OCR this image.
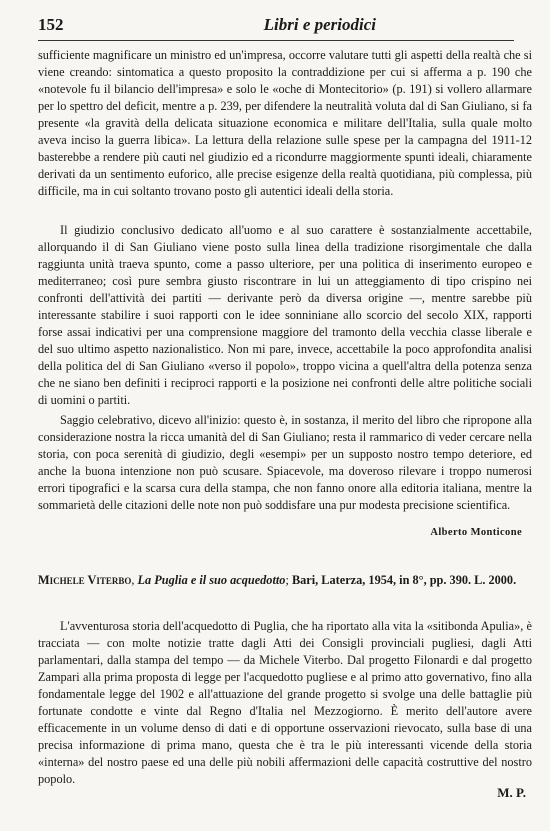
152	Libri e periodici

sufficiente magnificare un ministro ed un'impresa, occorre valutare tutti gli aspetti della realtà che si viene creando: sintomatica a questo proposito la contraddizione per cui si afferma a p. 190 che «notevole fu il bilancio dell'impresa» e solo le «oche di Montecitorio» (p. 191) si vollero allarmare per lo spettro del deficit, mentre a p. 239, per difendere la neutralità voluta dal di San Giuliano, si fa presente «la gravità della delicata situazione economica e militare dell'Italia, sulla quale molto aveva inciso la guerra libica». La lettura della relazione sulle spese per la campagna del 1911-12 basterebbe a rendere più cauti nel giudizio ed a ricondurre maggiormente spunti ideali, chiaramente derivati da un sentimento euforico, alle precise esigenze della realtà quotidiana, più complessa, più difficile, ma in cui soltanto trovano posto gli autentici ideali della storia.

Il giudizio conclusivo dedicato all'uomo e al suo carattere è sostanzialmente accettabile, allorquando il di San Giuliano viene posto sulla linea della tradizione risorgimentale che dalla raggiunta unità traeva spunto, come a passo ulteriore, per una politica di inserimento europeo e mediterraneo; così pure sembra giusto riscontrare in lui un atteggiamento di tipo crispino nei confronti dell'attività dei partiti — derivante però da diversa origine —, mentre sarebbe più interessante stabilire i suoi rapporti con le idee sonniniane allo scorcio del secolo XIX, rapporti forse assai indicativi per una comprensione maggiore del tramonto della vecchia classe liberale e del suo ultimo aspetto nazionalistico. Non mi pare, invece, accettabile la poco approfondita analisi della politica del di San Giuliano «verso il popolo», troppo vicina a quell'altra della potenza senza che ne siano ben definiti i reciproci rapporti e la posizione nei confronti delle altre politiche sociali di uomini o partiti.

Saggio celebrativo, dicevo all'inizio: questo è, in sostanza, il merito del libro che ripropone alla considerazione nostra la ricca umanità del di San Giuliano; resta il rammarico di veder cercare nella storia, con poca serenità di giudizio, degli «esempi» per un supposto nostro tempo deteriore, ed anche la buona intenzione non può scusare. Spiacevole, ma doveroso rilevare i troppo numerosi errori tipografici e la scarsa cura della stampa, che non fanno onore alla editoria italiana, mentre la sommarietà delle citazioni delle note non può soddisfare una pur modesta precisione scientifica.

Alberto Monticone

Michele Viterbo, La Puglia e il suo acquedotto; Bari, Laterza, 1954, in 8°, pp. 390. L. 2000.

L'avventurosa storia dell'acquedotto di Puglia, che ha riportato alla vita la «sitibonda Apulia», è tracciata — con molte notizie tratte dagli Atti dei Consigli provinciali pugliesi, dagli Atti parlamentari, dalla stampa del tempo — da Michele Viterbo. Dal progetto Filonardi e dal progetto Zampari alla prima proposta di legge per l'acquedotto pugliese e al primo atto governativo, fino alla fondamentale legge del 1902 e all'attuazione del grande progetto si svolge una delle battaglie più fortunate condotte e vinte dal Regno d'Italia nel Mezzogiorno. È merito dell'autore avere efficacemente in un volume denso di dati e di opportune osservazioni rievocato, sulla base di una precisa informazione di prima mano, questa che è tra le più interessanti vicende della storia «interna» del nostro paese ed una delle più nobili affermazioni delle capacità costruttive del nostro popolo.

M. P.
